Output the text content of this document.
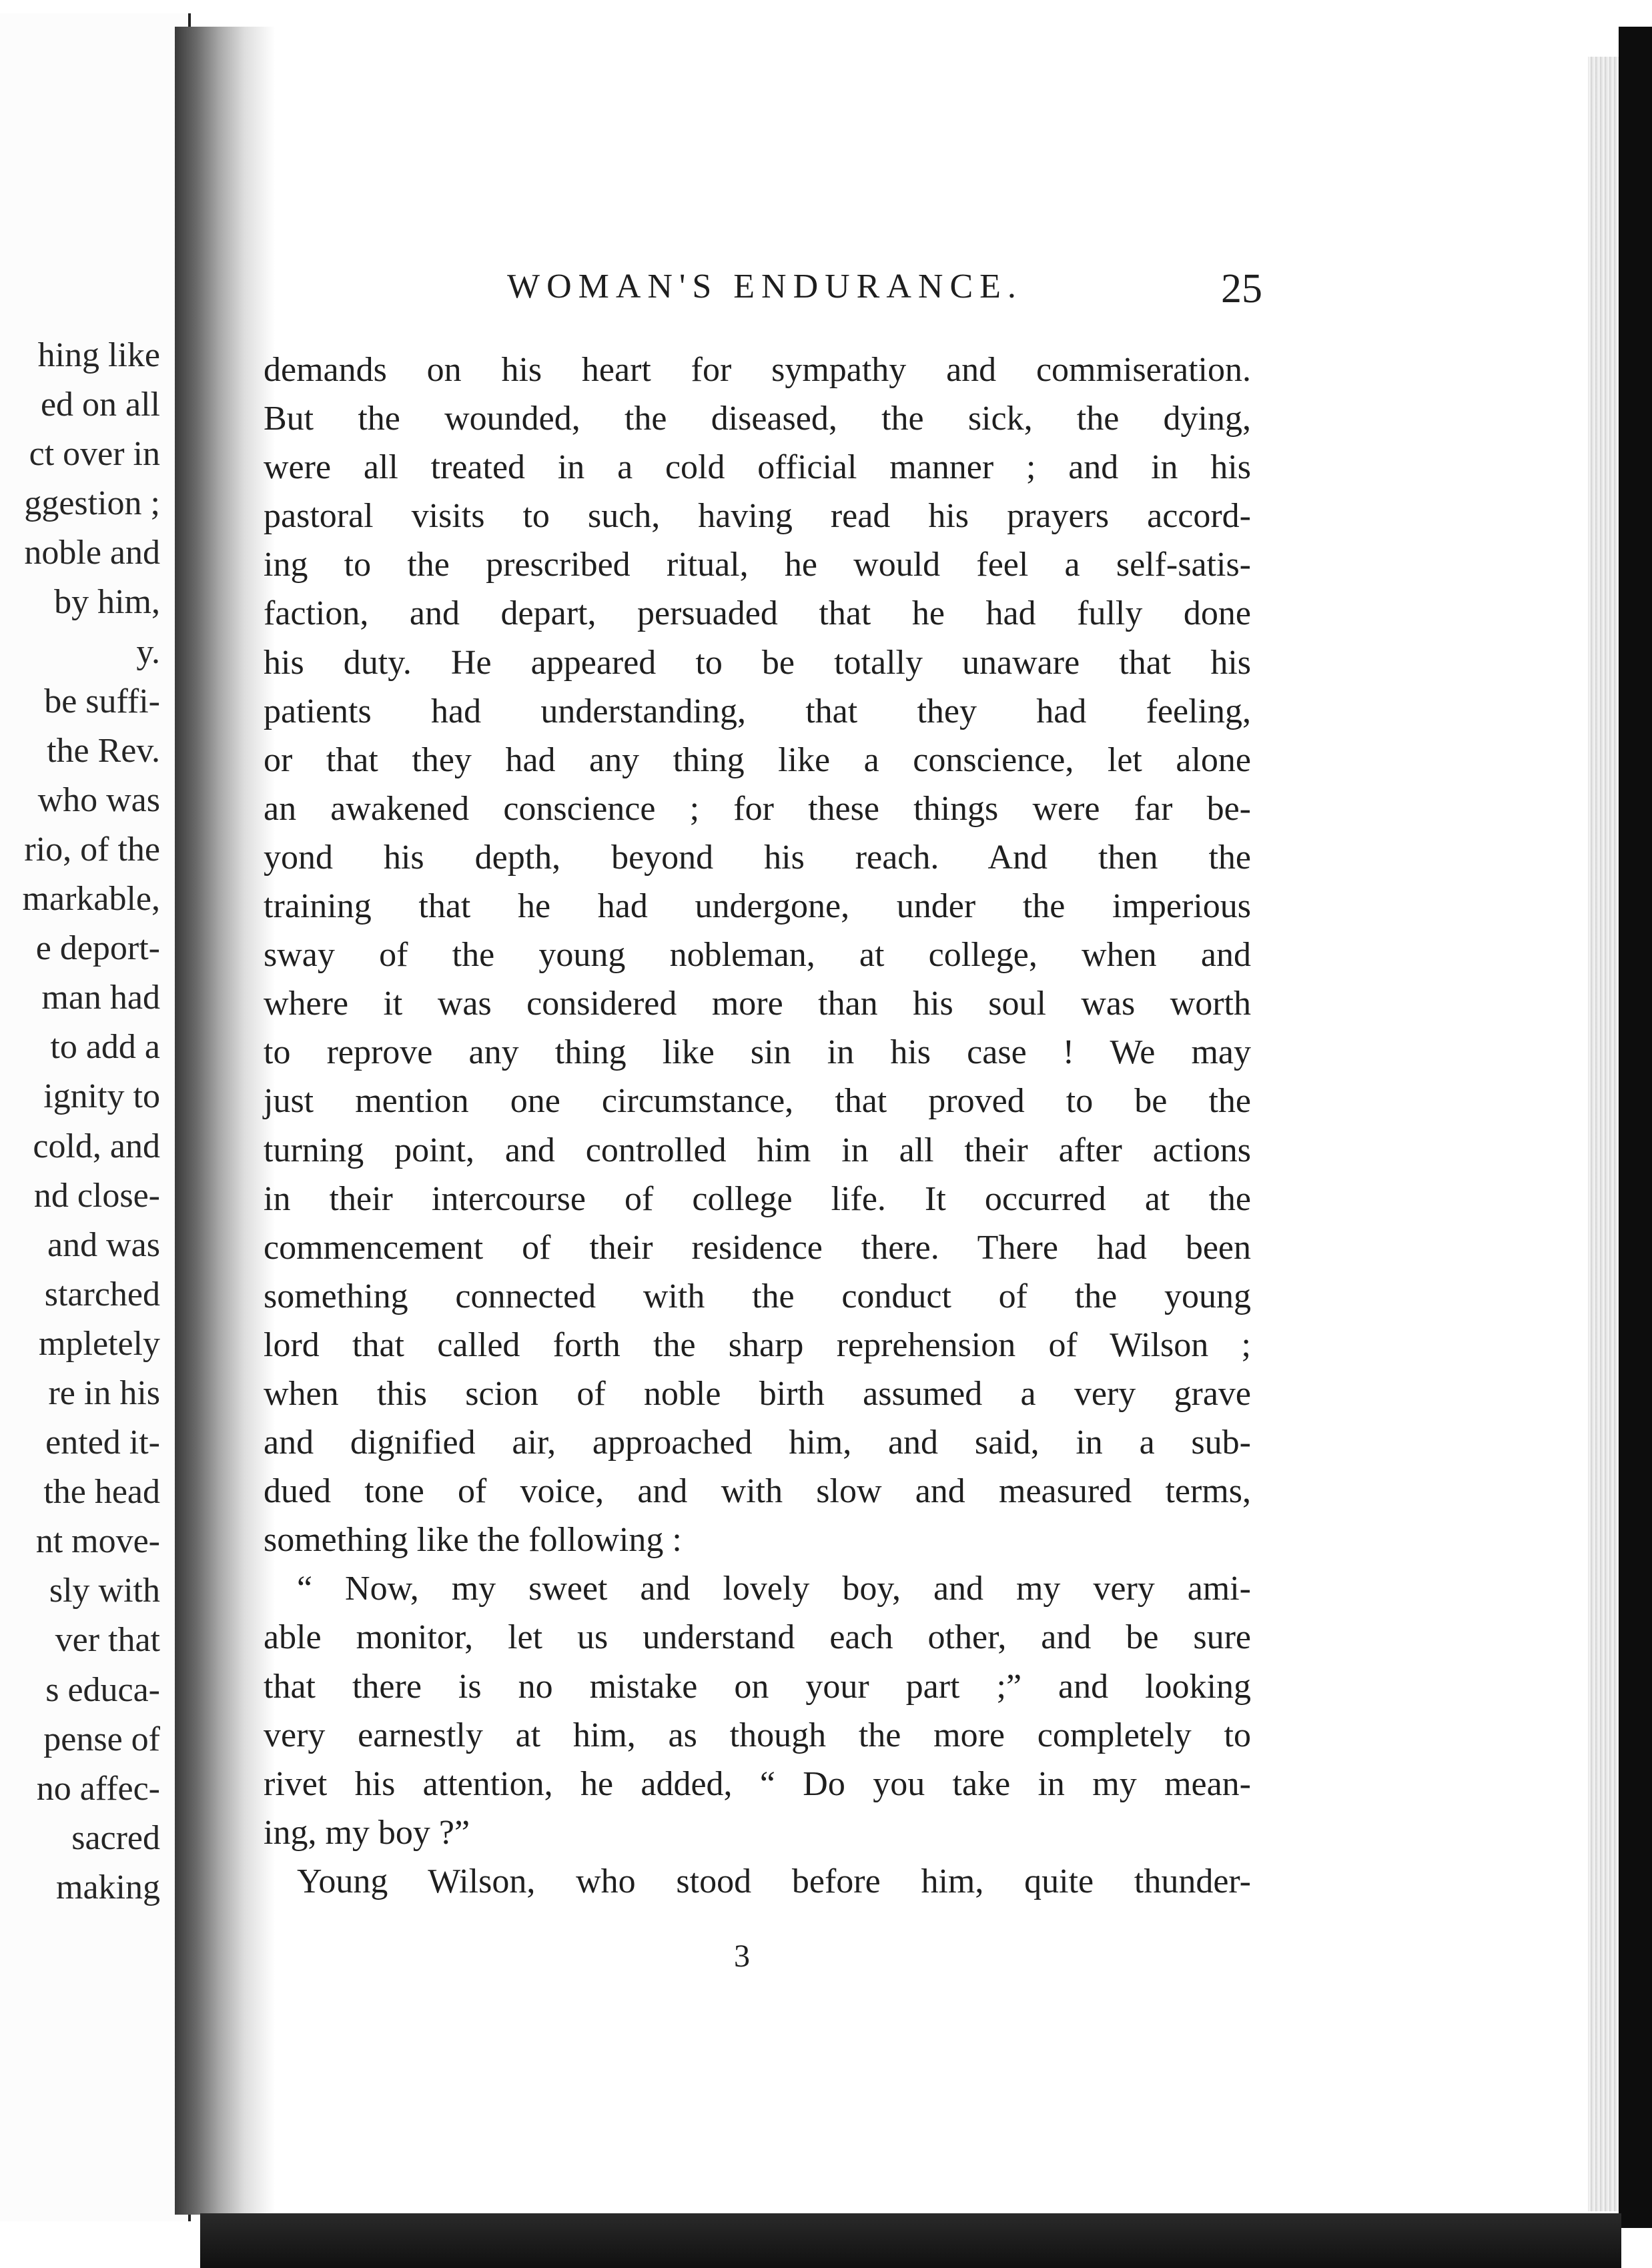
hing like
ed on all
ct over in
ggestion ;
noble and
by him,
y.
be suffi-
the Rev.
who was
rio, of the
markable,
e deport-
man had
to add a
ignity to
cold, and
nd close-
and was
starched
mpletely
re in his
ented it-
the head
nt move-
sly with
ver that
s educa-
pense of
no affec-
sacred
making
WOMAN'S ENDURANCE.	25
demands on his heart for sympathy and commiseration.
But the wounded, the diseased, the sick, the dying,
were all treated in a cold official manner ; and in his
pastoral visits to such, having read his prayers accord-
ing to the prescribed ritual, he would feel a self-satis-
faction, and depart, persuaded that he had fully done
his duty. He appeared to be totally unaware that his
patients had understanding, that they had feeling,
or that they had any thing like a conscience, let alone
an awakened conscience ; for these things were far be-
yond his depth, beyond his reach. And then the
training that he had undergone, under the imperious
sway of the young nobleman, at college, when and
where it was considered more than his soul was worth
to reprove any thing like sin in his case ! We may
just mention one circumstance, that proved to be the
turning point, and controlled him in all their after actions
in their intercourse of college life. It occurred at the
commencement of their residence there. There had been
something connected with the conduct of the young
lord that called forth the sharp reprehension of Wilson ;
when this scion of noble birth assumed a very grave
and dignified air, approached him, and said, in a sub-
dued tone of voice, and with slow and measured terms,
something like the following :
“ Now, my sweet and lovely boy, and my very ami-
able monitor, let us understand each other, and be sure
that there is no mistake on your part ;” and looking
very earnestly at him, as though the more completely to
rivet his attention, he added, “ Do you take in my mean-
ing, my boy ?”
Young Wilson, who stood before him, quite thunder-
3
